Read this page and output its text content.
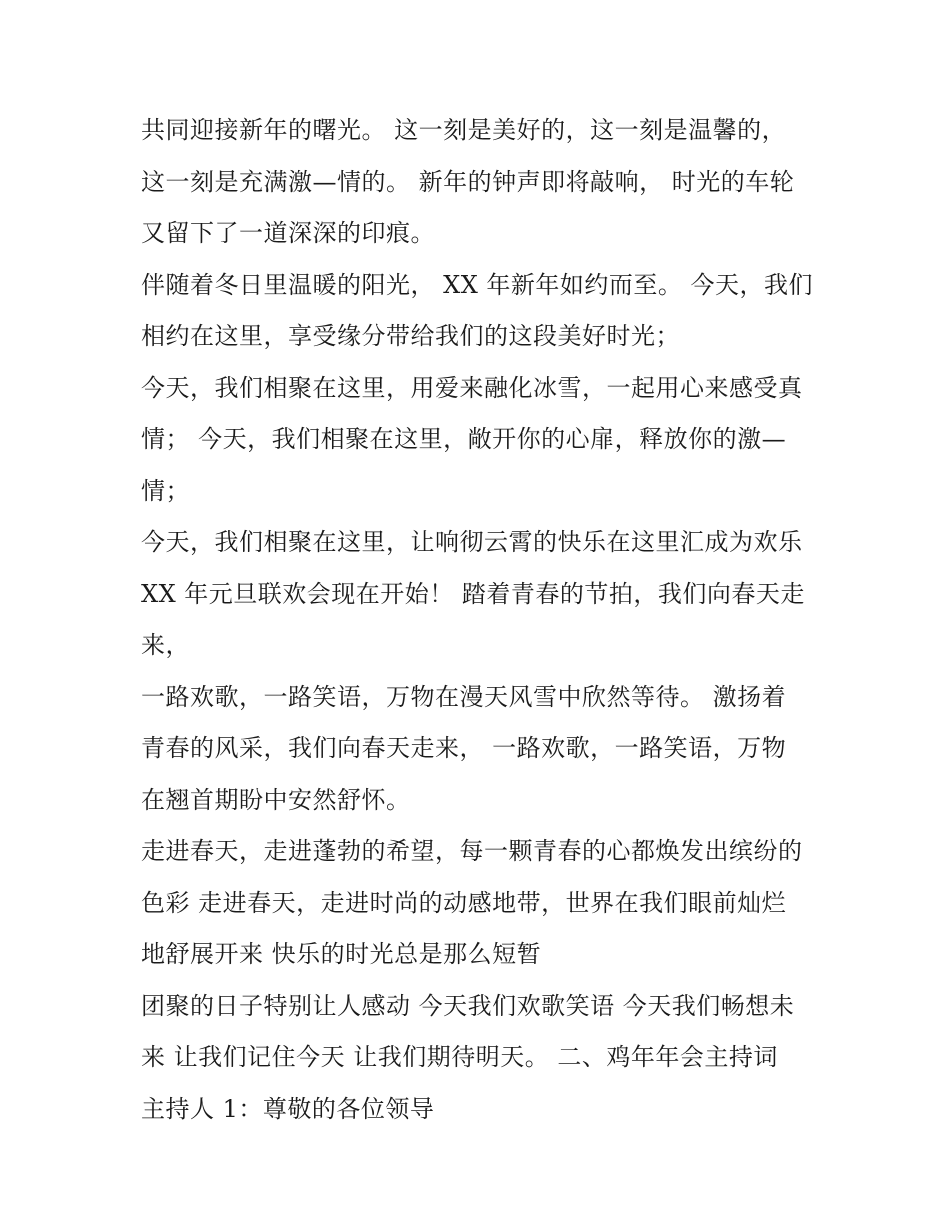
共同迎接新年的曙光。 这一刻是美好的，这一刻是温馨的，
这一刻是充满激—情的。 新年的钟声即将敲响， 时光的车轮
又留下了一道深深的印痕。
伴随着冬日里温暖的阳光， XX 年新年如约而至。 今天，我们
相约在这里，享受缘分带给我们的这段美好时光；
今天，我们相聚在这里，用爱来融化冰雪，一起用心来感受真
情； 今天，我们相聚在这里，敞开你的心扉，释放你的激—
情；
今天，我们相聚在这里，让响彻云霄的快乐在这里汇成为欢乐
XX 年元旦联欢会现在开始！ 踏着青春的节拍，我们向春天走
来，
一路欢歌，一路笑语，万物在漫天风雪中欣然等待。 激扬着
青春的风采，我们向春天走来， 一路欢歌，一路笑语，万物
在翘首期盼中安然舒怀。
走进春天，走进蓬勃的希望，每一颗青春的心都焕发出缤纷的
色彩 走进春天，走进时尚的动感地带，世界在我们眼前灿烂
地舒展开来 快乐的时光总是那么短暂
团聚的日子特别让人感动 今天我们欢歌笑语 今天我们畅想未
来 让我们记住今天 让我们期待明天。 二、鸡年年会主持词
主持人 1：尊敬的各位领导
